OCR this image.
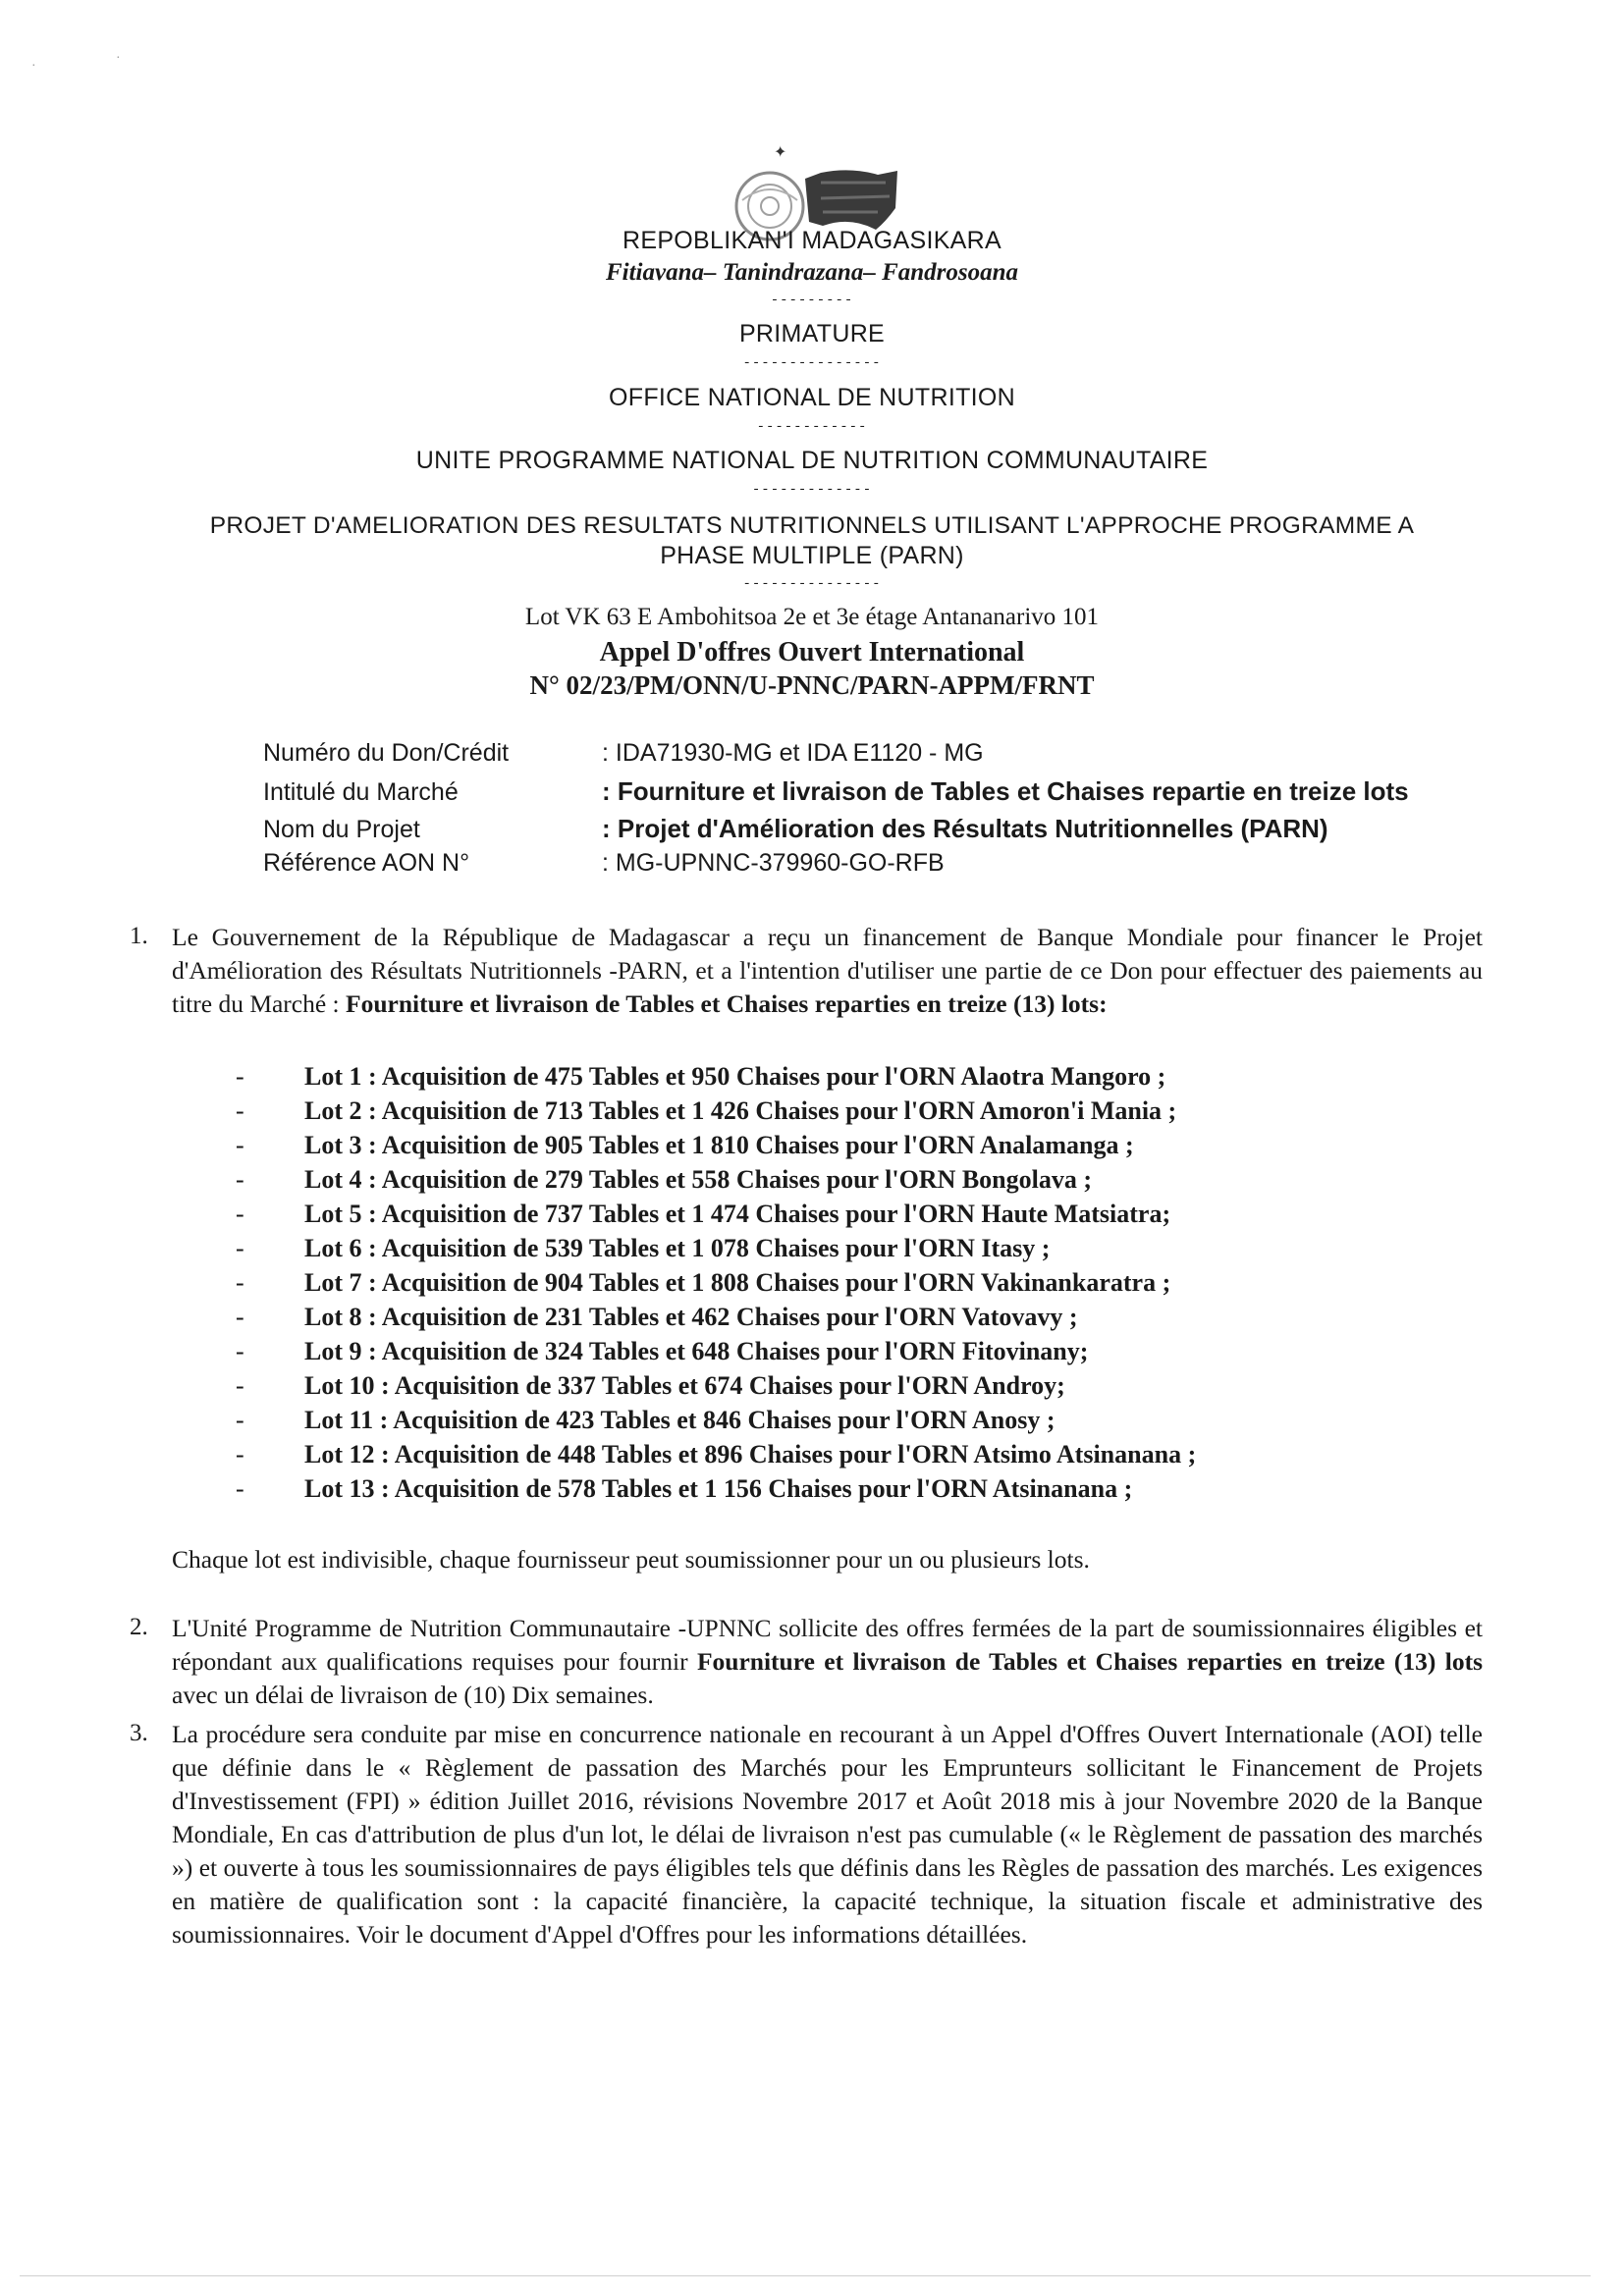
·
·
✦
REPOBLIKAN'I MADAGASIKARA
Fitiavana– Tanindrazana– Fandrosoana
---------
PRIMATURE
---------------
OFFICE NATIONAL DE NUTRITION
------------
UNITE PROGRAMME NATIONAL DE NUTRITION COMMUNAUTAIRE
-------------
PROJET D'AMELIORATION DES RESULTATS NUTRITIONNELS UTILISANT L'APPROCHE PROGRAMME A
PHASE MULTIPLE (PARN)
---------------
Lot VK 63 E Ambohitsoa 2e et 3e étage Antananarivo 101
Appel D'offres Ouvert International
N° 02/23/PM/ONN/U-PNNC/PARN-APPM/FRNT
Numéro du Don/Crédit	: IDA71930-MG et IDA E1120 - MG
Intitulé du Marché	: Fourniture et livraison de Tables et Chaises repartie en treize lots
Nom du Projet	: Projet d'Amélioration des Résultats Nutritionnelles (PARN)
Référence AON N°	: MG-UPNNC-379960-GO-RFB
1. Le Gouvernement de la République de Madagascar a reçu un financement de Banque Mondiale pour financer le Projet d'Amélioration des Résultats Nutritionnels -PARN, et a l'intention d'utiliser une partie de ce Don pour effectuer des paiements au titre du Marché : Fourniture et livraison de Tables et Chaises reparties en treize (13) lots:
- Lot 1 : Acquisition de 475 Tables et 950 Chaises pour l'ORN Alaotra Mangoro ;
- Lot 2 : Acquisition de 713 Tables et 1 426 Chaises pour l'ORN Amoron'i Mania ;
- Lot 3 : Acquisition de 905 Tables et 1 810 Chaises pour l'ORN Analamanga ;
- Lot 4 : Acquisition de 279 Tables et 558 Chaises pour l'ORN Bongolava ;
- Lot 5 : Acquisition de 737 Tables et 1 474 Chaises pour l'ORN Haute Matsiatra;
- Lot 6 : Acquisition de 539 Tables et 1 078 Chaises pour l'ORN Itasy ;
- Lot 7 : Acquisition de 904 Tables et 1 808 Chaises pour l'ORN Vakinankaratra ;
- Lot 8 : Acquisition de 231 Tables et 462 Chaises pour l'ORN Vatovavy ;
- Lot 9 : Acquisition de 324 Tables et 648 Chaises pour l'ORN Fitovinany;
- Lot 10 : Acquisition de 337 Tables et 674 Chaises pour l'ORN Androy;
- Lot 11 : Acquisition de 423 Tables et 846 Chaises pour l'ORN Anosy ;
- Lot 12 : Acquisition de 448 Tables et 896 Chaises pour l'ORN Atsimo Atsinanana ;
- Lot 13 : Acquisition de 578 Tables et 1 156 Chaises pour l'ORN Atsinanana ;
Chaque lot est indivisible, chaque fournisseur peut soumissionner pour un ou plusieurs lots.
2. L'Unité Programme de Nutrition Communautaire -UPNNC sollicite des offres fermées de la part de soumissionnaires éligibles et répondant aux qualifications requises pour fournir Fourniture et livraison de Tables et Chaises reparties en treize (13) lots avec un délai de livraison de (10) Dix semaines.
3. La procédure sera conduite par mise en concurrence nationale en recourant à un Appel d'Offres Ouvert Internationale (AOI) telle que définie dans le « Règlement de passation des Marchés pour les Emprunteurs sollicitant le Financement de Projets d'Investissement (FPI) » édition Juillet 2016, révisions Novembre 2017 et Août 2018 mis à jour Novembre 2020 de la Banque Mondiale, En cas d'attribution de plus d'un lot, le délai de livraison n'est pas cumulable (« le Règlement de passation des marchés ») et ouverte à tous les soumissionnaires de pays éligibles tels que définis dans les Règles de passation des marchés. Les exigences en matière de qualification sont : la capacité financière, la capacité technique, la situation fiscale et administrative des soumissionnaires. Voir le document d'Appel d'Offres pour les informations détaillées.
